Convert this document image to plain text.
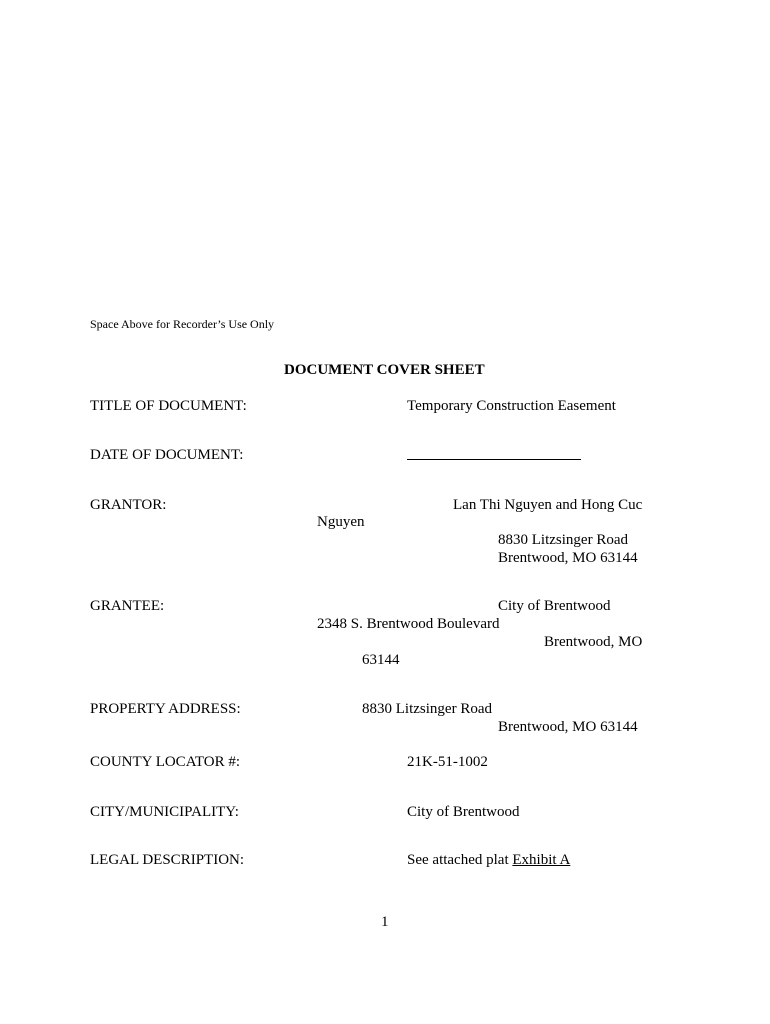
Space Above for Recorder’s Use Only
DOCUMENT COVER SHEET
TITLE OF DOCUMENT:	Temporary Construction Easement
DATE OF DOCUMENT:
GRANTOR:	Lan Thi Nguyen and Hong Cuc
Nguyen
8830 Litzsinger Road
Brentwood, MO 63144
GRANTEE:	City of Brentwood
2348 S. Brentwood Boulevard
Brentwood, MO
63144
PROPERTY ADDRESS:	8830 Litzsinger Road
Brentwood, MO 63144
COUNTY LOCATOR #:	21K-51-1002
CITY/MUNICIPALITY:	City of Brentwood
LEGAL DESCRIPTION:	See attached plat Exhibit A
1
